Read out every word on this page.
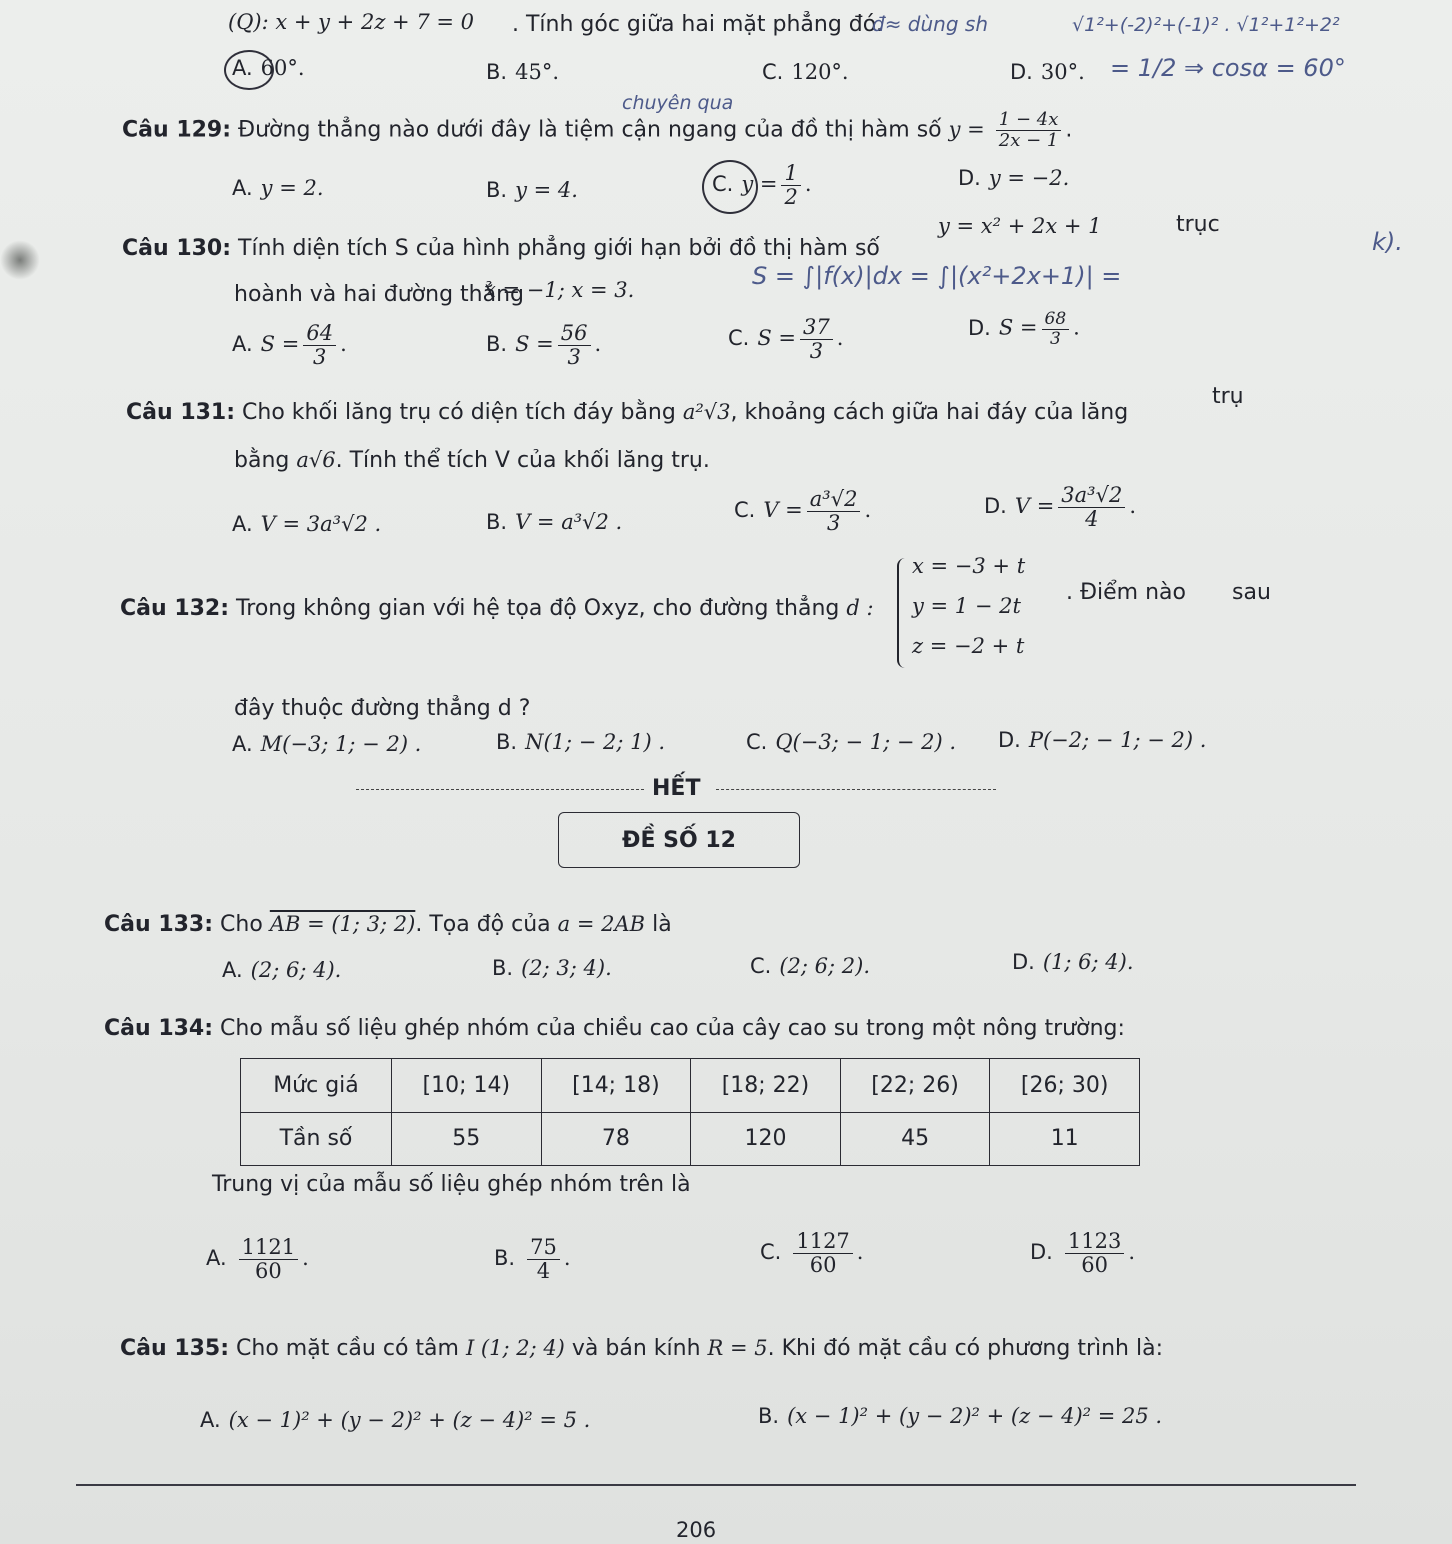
(Q): x + y + 2z + 7 = 0 . Tính góc giữa hai mặt phẳng đó.
đ≈ dùng sh	√1²+(-2)²+(-1)² . √1²+1²+2²
A. 60°.	B. 45°.	C. 120°.	D. 30°. = 1/2 ⇒ cosα = 60°
chuyên qua
Câu 129: Đường thẳng nào dưới đây là tiệm cận ngang của đồ thị hàm số $y = \frac{1 - 4x}{2x - 1}$ .
A. y = 2.	B. y = 4.	C. $y = \frac{1}{2}$ .	D. y = −2.
Câu 130: Tính diện tích S của hình phẳng giới hạn bởi đồ thị hàm số
y = x² + 2x + 1	trục
k).
hoành và hai đường thẳng
x = −1; x = 3.	S = ∫|f(x)|dx = ∫|(x²+2x+1)| =
A. $S = \frac{64}{3}$ .	B. $S = \frac{56}{3}$ .	C. $S = \frac{37}{3}$ .	D. $S = \frac{68}{3}$ .
Câu 131: Cho khối lăng trụ có diện tích đáy bằng a²√3, khoảng cách giữa hai đáy của lăng
trụ
bằng a√6. Tính thể tích V của khối lăng trụ.
A. V = 3a³√2 .	B. V = a³√2 .	C. $V = \frac{\text{a³√2}}{3}$ .	D. $V = \frac{\text{3a³√2}}{4}$ .
Câu 132: Trong không gian với hệ tọa độ Oxyz, cho đường thẳng d :
x = −3 + t
y = 1 − 2t
z = −2 + t
. Điểm nào sau
đây thuộc đường thẳng d ?
A. M(−3; 1; − 2) .	B. N(1; − 2; 1) .	C. Q(−3; − 1; − 2) . D. P(−2; − 1; − 2) .
HẾT
ĐỀ SỐ 12
Câu 133: Cho AB = (1; 3; 2). Tọa độ của a = 2AB là
A. (2; 6; 4).	B. (2; 3; 4).	C. (2; 6; 2).	D. (1; 6; 4).
Câu 134: Cho mẫu số liệu ghép nhóm của chiều cao của cây cao su trong một nông trường:
Mức giá	[10; 14)	[14; 18)	[18; 22)	[22; 26)	[26; 30)
Tần số	55	78	120	45	11
Trung vị của mẫu số liệu ghép nhóm trên là
A. $\frac{1121}{60}$ .	B. $\frac{75}{4}$ .	C. $\frac{1127}{60}$ .	D. $\frac{1123}{60}$ .
Câu 135: Cho mặt cầu có tâm I (1; 2; 4) và bán kính R = 5. Khi đó mặt cầu có phương trình là:
A. (x − 1)² + (y − 2)² + (z − 4)² = 5 .	B. (x − 1)² + (y − 2)² + (z − 4)² = 25 .
206
